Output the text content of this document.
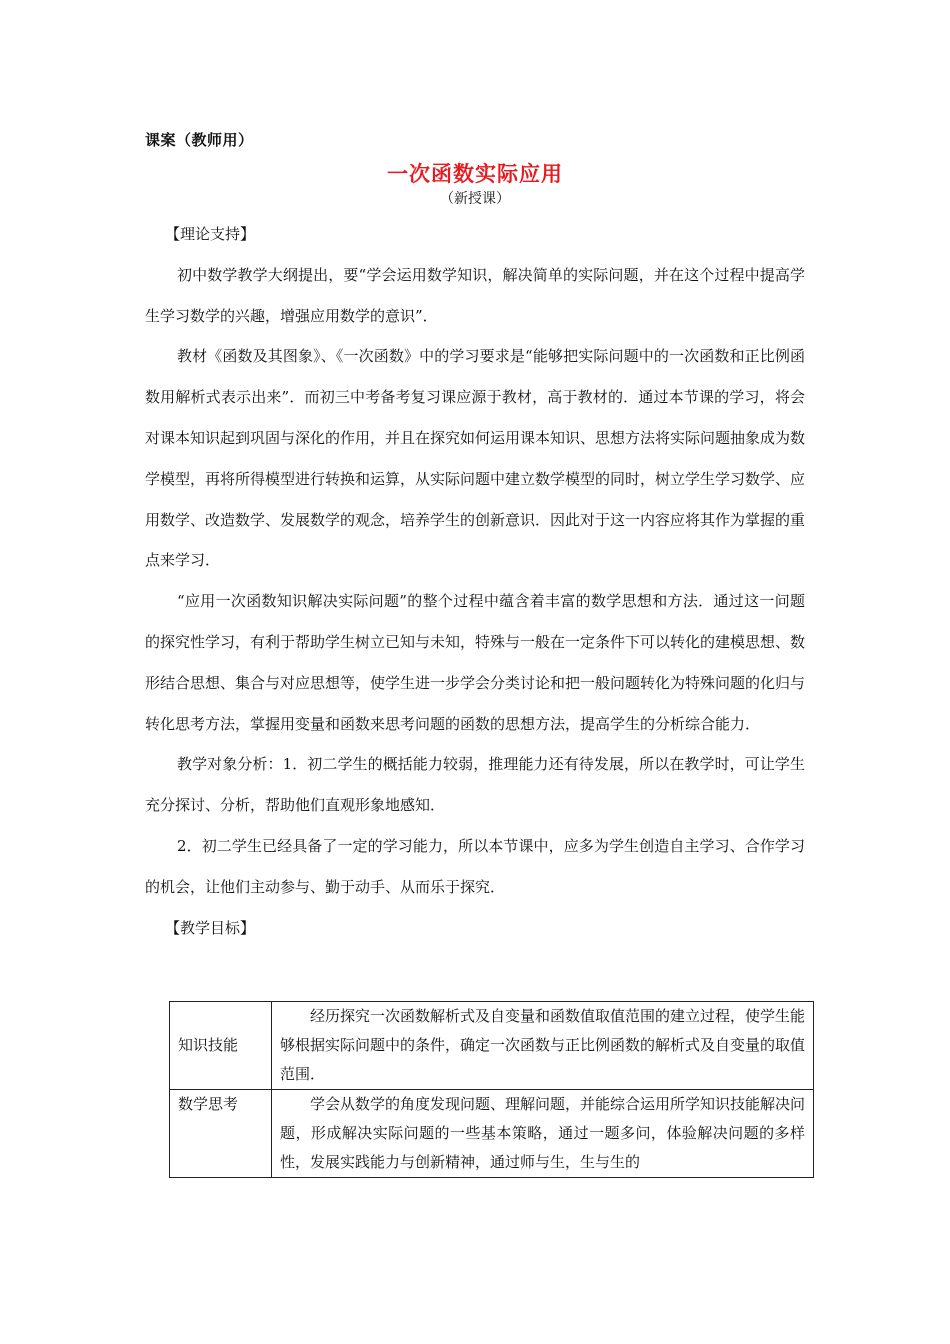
课案（教师用）
一次函数实际应用
（新授课）

【理论支持】

初中数学教学大纲提出，要“学会运用数学知识，解决简单的实际问题，并在这个过程中提高学生学习数学的兴趣，增强应用数学的意识”．

教材《函数及其图象》、《一次函数》中的学习要求是“能够把实际问题中的一次函数和正比例函数用解析式表示出来”．而初三中考备考复习课应源于教材，高于教材的．通过本节课的学习，将会对课本知识起到巩固与深化的作用，并且在探究如何运用课本知识、思想方法将实际问题抽象成为数学模型，再将所得模型进行转换和运算，从实际问题中建立数学模型的同时，树立学生学习数学、应用数学、改造数学、发展数学的观念，培养学生的创新意识．因此对于这一内容应将其作为掌握的重点来学习．

“应用一次函数知识解决实际问题”的整个过程中蕴含着丰富的数学思想和方法．通过这一问题的探究性学习，有利于帮助学生树立已知与未知，特殊与一般在一定条件下可以转化的建模思想、数形结合思想、集合与对应思想等，使学生进一步学会分类讨论和把一般问题转化为特殊问题的化归与转化思考方法，掌握用变量和函数来思考问题的函数的思想方法，提高学生的分析综合能力．

教学对象分析：1．初二学生的概括能力较弱，推理能力还有待发展，所以在教学时，可让学生充分探讨、分析，帮助他们直观形象地感知．

2．初二学生已经具备了一定的学习能力，所以本节课中，应多为学生创造自主学习、合作学习的机会，让他们主动参与、勤于动手、从而乐于探究．

【教学目标】

知识技能	经历探究一次函数解析式及自变量和函数值取值范围的建立过程，使学生能够根据实际问题中的条件，确定一次函数与正比例函数的解析式及自变量的取值范围．

数学思考	学会从数学的角度发现问题、理解问题，并能综合运用所学知识技能解决问题，形成解决实际问题的一些基本策略，通过一题多问，体验解决问题的多样性，发展实践能力与创新精神，通过师与生，生与生的
